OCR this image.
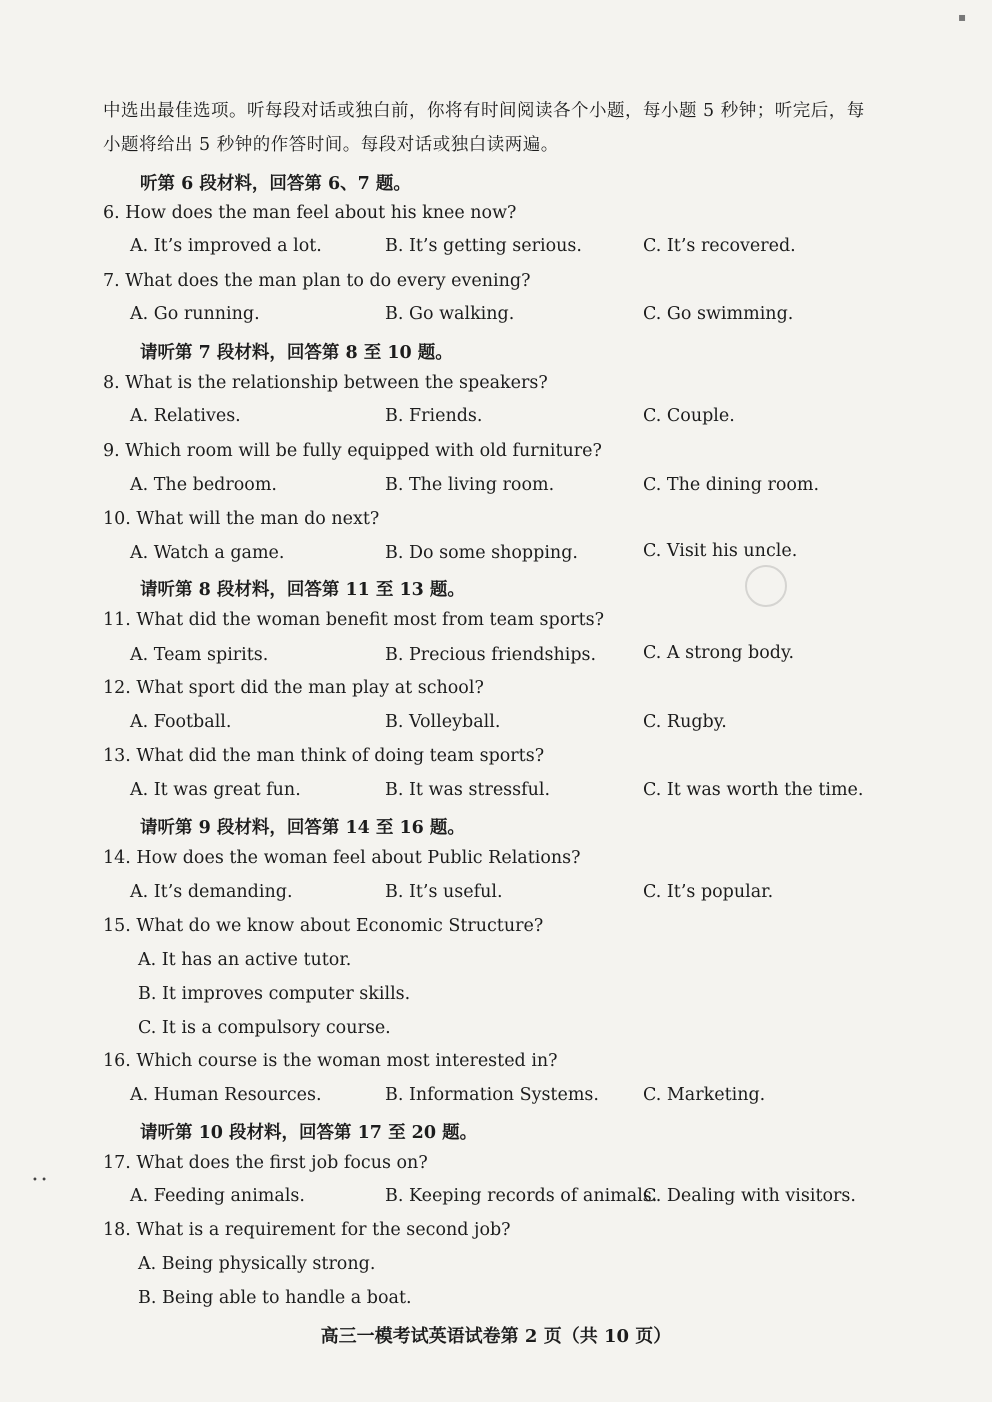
▪
中选出最佳选项。听每段对话或独白前，你将有时间阅读各个小题，每小题 5 秒钟；听完后，每
小题将给出 5 秒钟的作答时间。每段对话或独白读两遍。
听第 6 段材料，回答第 6、7 题。
6. How does the man feel about his knee now?
A. It’s improved a lot.	B. It’s getting serious.	C. It’s recovered.
7. What does the man plan to do every evening?
A. Go running.	B. Go walking.	C. Go swimming.
请听第 7 段材料，回答第 8 至 10 题。
8. What is the relationship between the speakers?
A. Relatives.	B. Friends.	C. Couple.
9. Which room will be fully equipped with old furniture?
A. The bedroom.	B. The living room.	C. The dining room.
10. What will the man do next?
A. Watch a game.	B. Do some shopping.	C. Visit his uncle.
请听第 8 段材料，回答第 11 至 13 题。
11. What did the woman benefit most from team sports?
A. Team spirits.	B. Precious friendships.	C. A strong body.
12. What sport did the man play at school?
A. Football.	B. Volleyball.	C. Rugby.
13. What did the man think of doing team sports?
A. It was great fun.	B. It was stressful.	C. It was worth the time.
请听第 9 段材料，回答第 14 至 16 题。
14. How does the woman feel about Public Relations?
A. It’s demanding.	B. It’s useful.	C. It’s popular.
15. What do we know about Economic Structure?
A. It has an active tutor.
B. It improves computer skills.
C. It is a compulsory course.
16. Which course is the woman most interested in?
A. Human Resources.	B. Information Systems.	C. Marketing.
请听第 10 段材料，回答第 17 至 20 题。
• •
17. What does the first job focus on?
A. Feeding animals.	B. Keeping records of animals.
C. Dealing with visitors.
18. What is a requirement for the second job?
A. Being physically strong.
B. Being able to handle a boat.
高三一模考试英语试卷第 2 页（共 10 页）
